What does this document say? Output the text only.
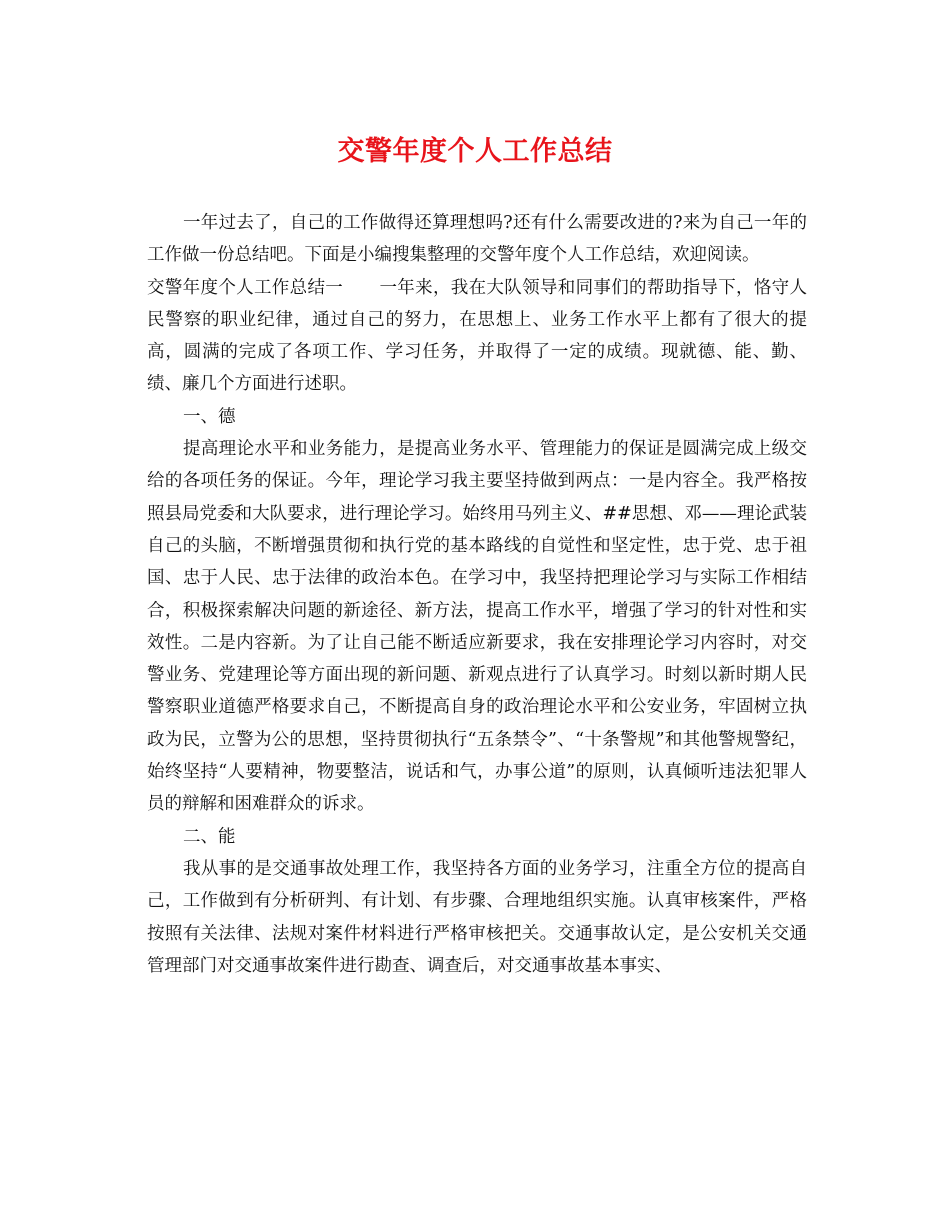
交警年度个人工作总结

一年过去了，自己的工作做得还算理想吗?还有什么需要改进的?来为自己一年的工作做一份总结吧。下面是小编搜集整理的交警年度个人工作总结，欢迎阅读。

交警年度个人工作总结一 一年来，我在大队领导和同事们的帮助指导下，恪守人民警察的职业纪律，通过自己的努力，在思想上、业务工作水平上都有了很大的提高，圆满的完成了各项工作、学习任务，并取得了一定的成绩。现就德、能、勤、绩、廉几个方面进行述职。

一、德

提高理论水平和业务能力，是提高业务水平、管理能力的保证是圆满完成上级交给的各项任务的保证。今年，理论学习我主要坚持做到两点：一是内容全。我严格按照县局党委和大队要求，进行理论学习。始终用马列主义、##思想、邓——理论武装自己的头脑，不断增强贯彻和执行党的基本路线的自觉性和坚定性，忠于党、忠于祖国、忠于人民、忠于法律的政治本色。在学习中，我坚持把理论学习与实际工作相结合，积极探索解决问题的新途径、新方法，提高工作水平，增强了学习的针对性和实效性。二是内容新。为了让自己能不断适应新要求，我在安排理论学习内容时，对交警业务、党建理论等方面出现的新问题、新观点进行了认真学习。时刻以新时期人民警察职业道德严格要求自己，不断提高自身的政治理论水平和公安业务，牢固树立执政为民，立警为公的思想，坚持贯彻执行“五条禁令”、“十条警规”和其他警规警纪，始终坚持“人要精神，物要整洁，说话和气，办事公道”的原则，认真倾听违法犯罪人员的辩解和困难群众的诉求。

二、能

我从事的是交通事故处理工作，我坚持各方面的业务学习，注重全方位的提高自己，工作做到有分析研判、有计划、有步骤、合理地组织实施。认真审核案件，严格按照有关法律、法规对案件材料进行严格审核把关。交通事故认定，是公安机关交通管理部门对交通事故案件进行勘查、调查后，对交通事故基本事实、
